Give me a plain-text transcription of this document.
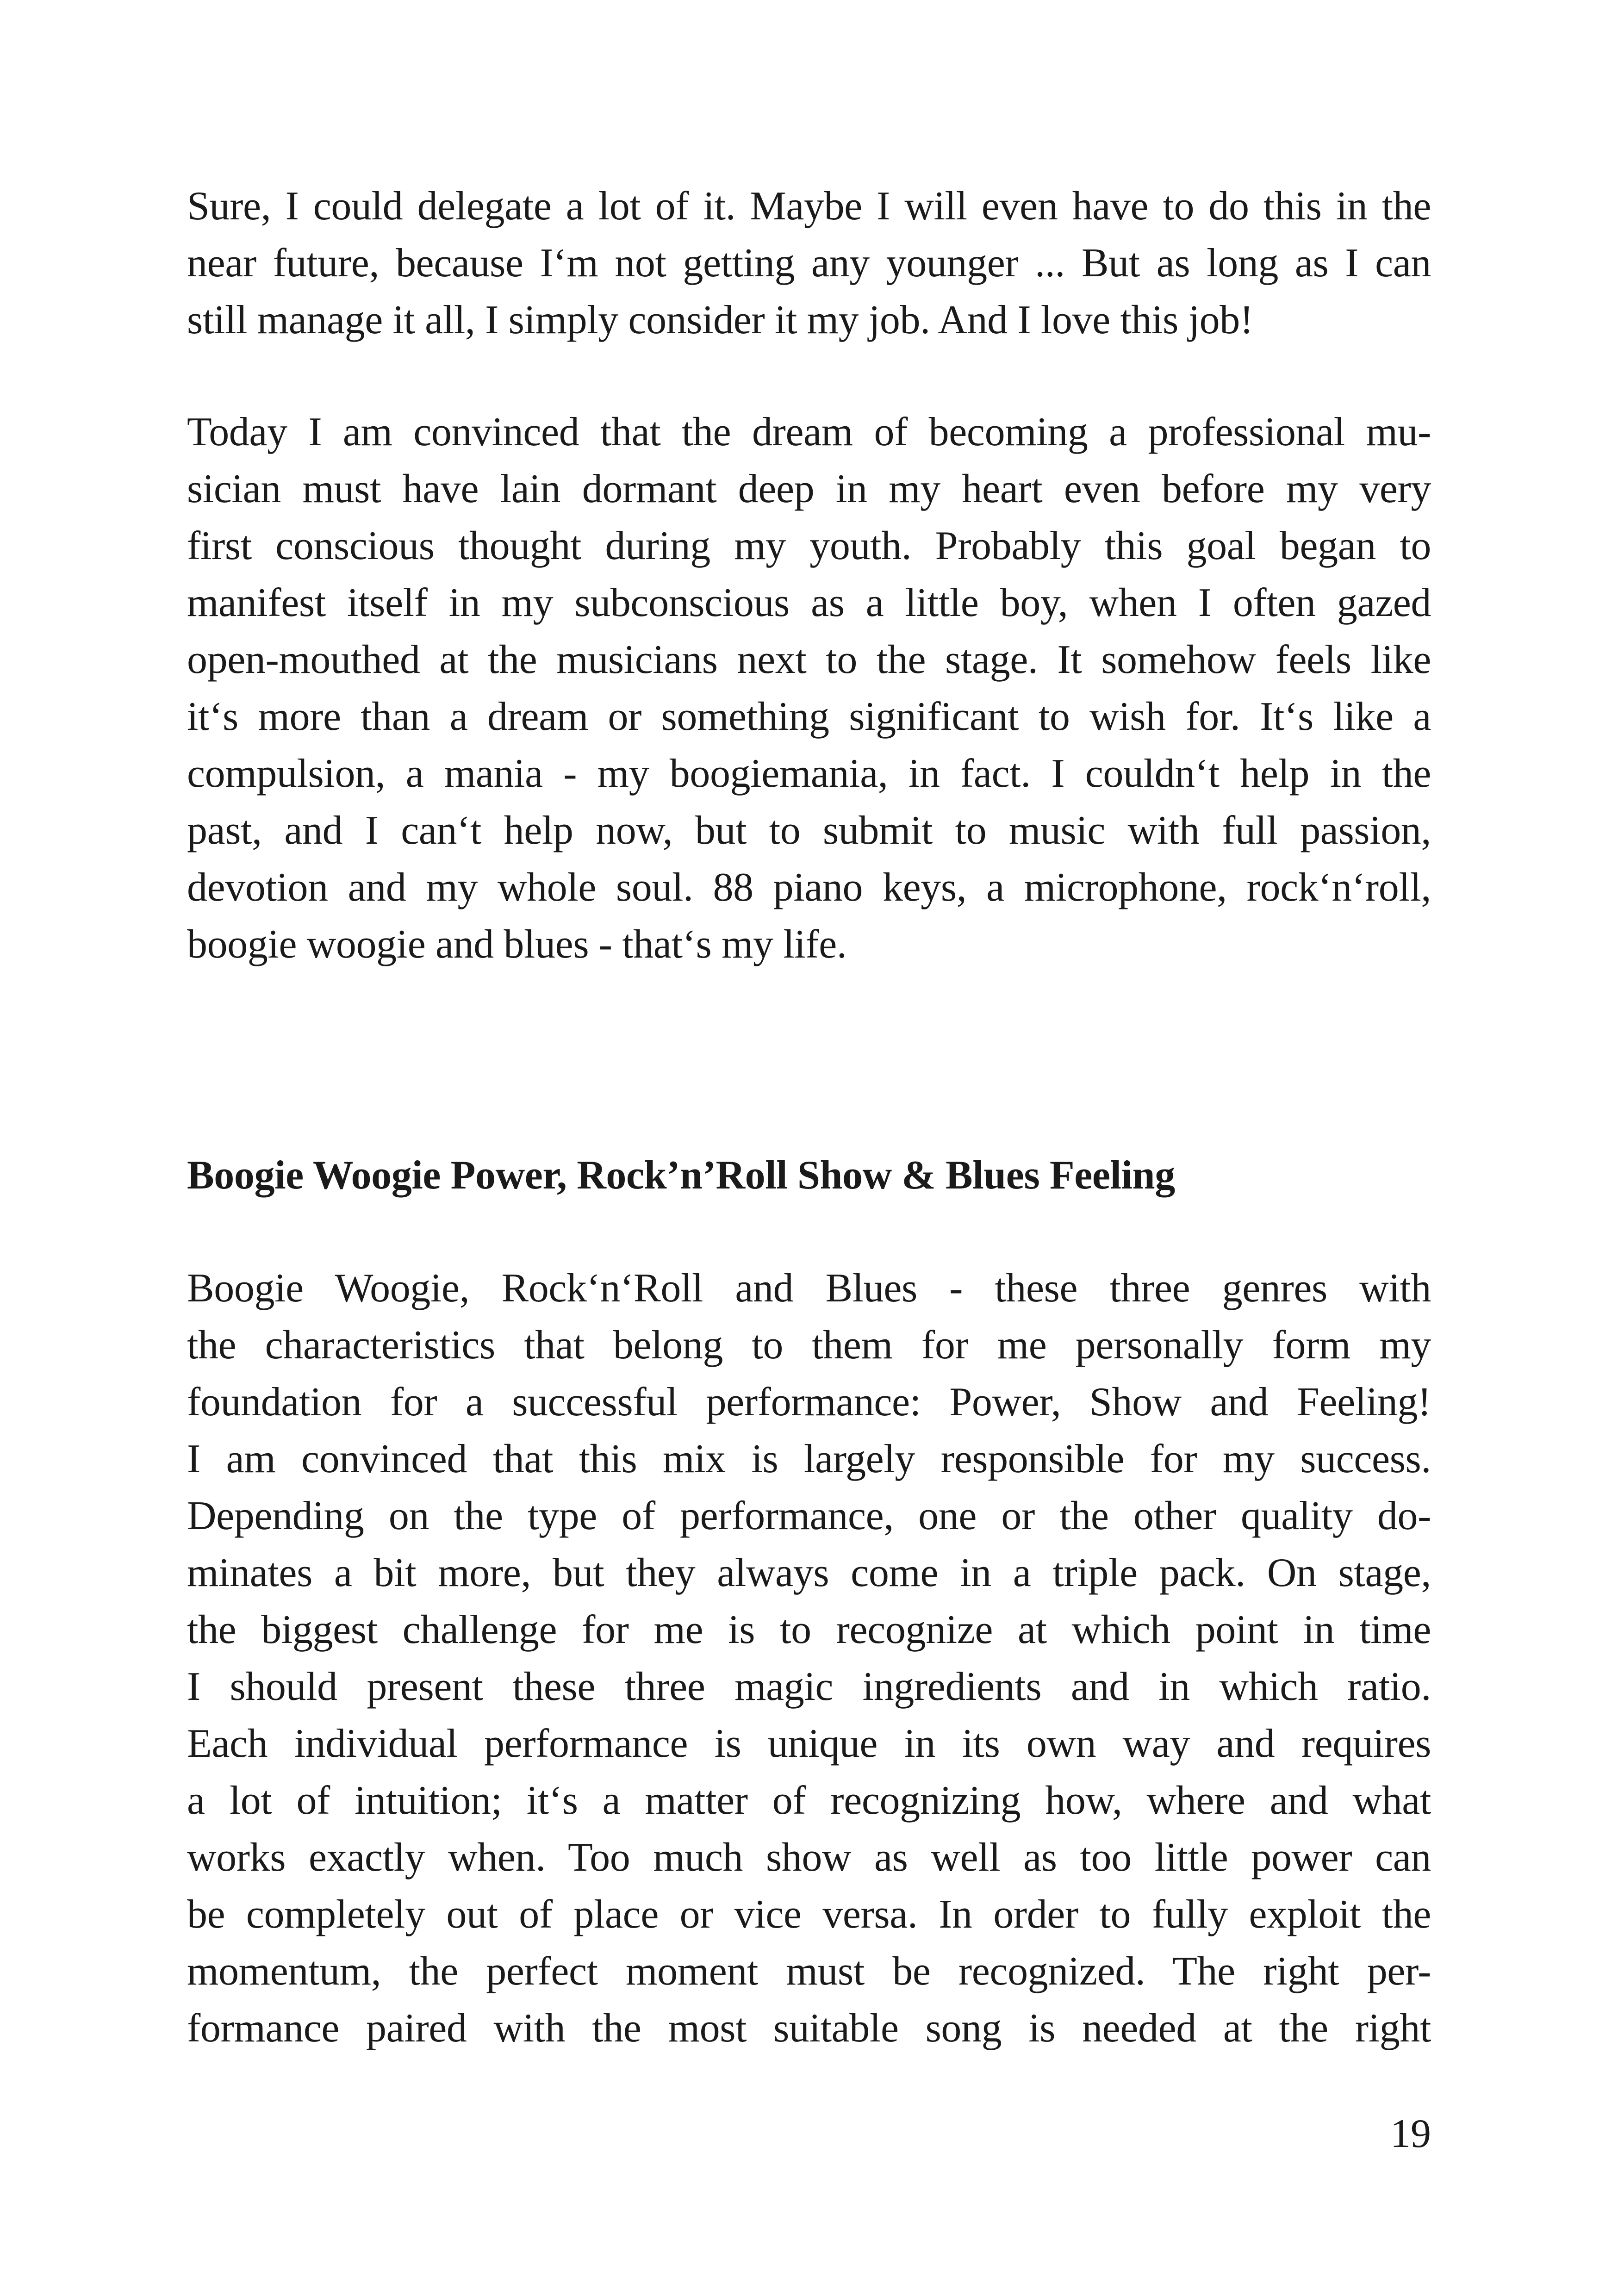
Sure, I could delegate a lot of it. Maybe I will even have to do this in the
near future, because I‘m not getting any younger ... But as long as I can
still manage it all, I simply consider it my job. And I love this job!
Today I am convinced that the dream of becoming a professional mu-
sician must have lain dormant deep in my heart even before my very
first conscious thought during my youth. Probably this goal began to
manifest itself in my subconscious as a little boy, when I often gazed
open-mouthed at the musicians next to the stage. It somehow feels like
it‘s more than a dream or something significant to wish for. It‘s like a
compulsion, a mania - my boogiemania, in fact. I couldn‘t help in the
past, and I can‘t help now, but to submit to music with full passion,
devotion and my whole soul. 88 piano keys, a microphone, rock‘n‘roll,
boogie woogie and blues - that‘s my life.
Boogie Woogie Power, Rock’n’Roll Show & Blues Feeling
Boogie Woogie, Rock‘n‘Roll and Blues - these three genres with
the characteristics that belong to them for me personally form my
foundation for a successful performance: Power, Show and Feeling!
I am convinced that this mix is largely responsible for my success.
Depending on the type of performance, one or the other quality do-
minates a bit more, but they always come in a triple pack. On stage,
the biggest challenge for me is to recognize at which point in time
I should present these three magic ingredients and in which ratio.
Each individual performance is unique in its own way and requires
a lot of intuition; it‘s a matter of recognizing how, where and what
works exactly when. Too much show as well as too little power can
be completely out of place or vice versa. In order to fully exploit the
momentum, the perfect moment must be recognized. The right per-
formance paired with the most suitable song is needed at the right
19
